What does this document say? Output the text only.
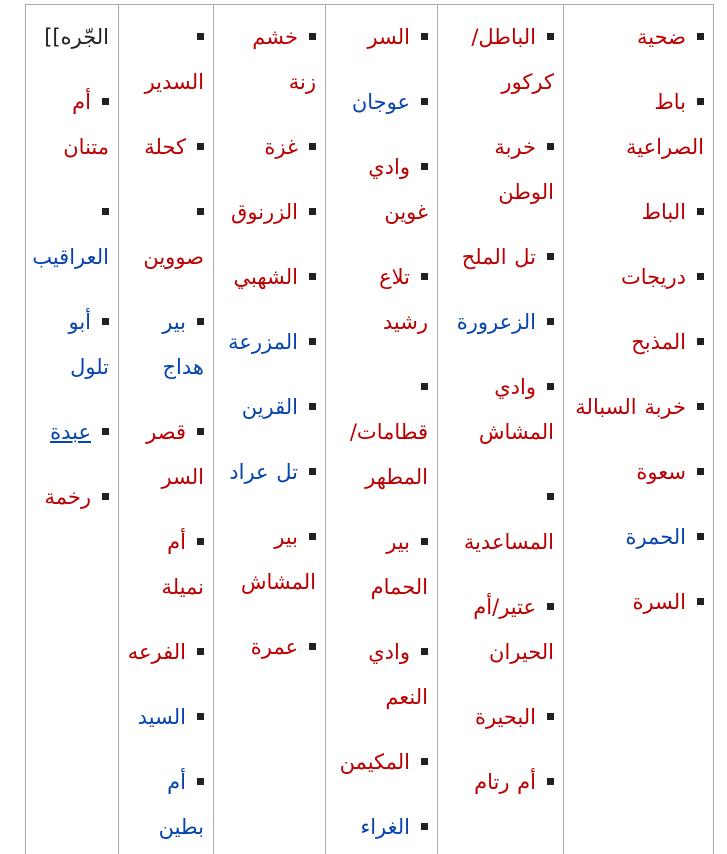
ضحية
باط الصراعية
الباط
دريجات
المذبح
خربة السبالة
سعوة
الحمرة
السرة
الباطل/كركور
خربة الوطن
تل الملح
الزعرورة
وادي المشاش
المساعدية
عتير/أم الحيران
البحيرة
أم رتام
السر
عوجان
وادي غوين
تلاع رشيد
قطامات/المطهر
بير الحمام
وادي النعم
المكيمن
الغراء
خشم زنة
غزة
الزرنوق
الشهبي
المزرعة
القرين
تل عراد
بير المشاش
عمرة
السدير
كحلة
صووين
بير هداج
قصر السر
أم نميلة
الفرعه
السيد
أم بطين
الجّره]]
أم متنان
العراقيب
أبو تلول
عبدة
رخمة
